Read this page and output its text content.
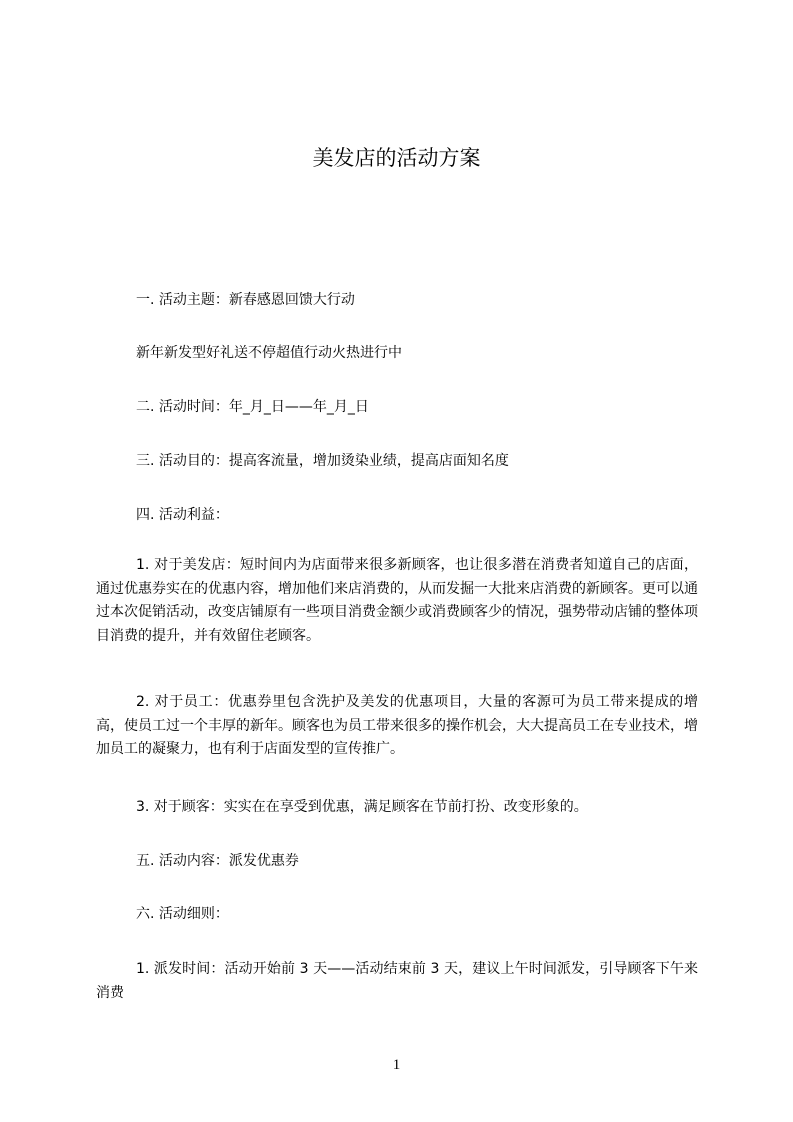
美发店的活动方案

一. 活动主题：新春感恩回馈大行动

新年新发型好礼送不停超值行动火热进行中

二. 活动时间：年_月_日——年_月_日

三. 活动目的：提高客流量，增加烫染业绩，提高店面知名度

四. 活动利益：

1. 对于美发店：短时间内为店面带来很多新顾客，也让很多潜在消费者知道自己的店面，通过优惠券实在的优惠内容，增加他们来店消费的，从而发掘一大批来店消费的新顾客。更可以通过本次促销活动，改变店铺原有一些项目消费金额少或消费顾客少的情况，强势带动店铺的整体项目消费的提升，并有效留住老顾客。

2. 对于员工：优惠券里包含洗护及美发的优惠项目，大量的客源可为员工带来提成的增高，使员工过一个丰厚的新年。顾客也为员工带来很多的操作机会，大大提高员工在专业技术，增加员工的凝聚力，也有利于店面发型的宣传推广。

3. 对于顾客：实实在在享受到优惠，满足顾客在节前打扮、改变形象的。

五. 活动内容：派发优惠券

六. 活动细则：

1. 派发时间：活动开始前 3 天——活动结束前 3 天，建议上午时间派发，引导顾客下午来消费

1
